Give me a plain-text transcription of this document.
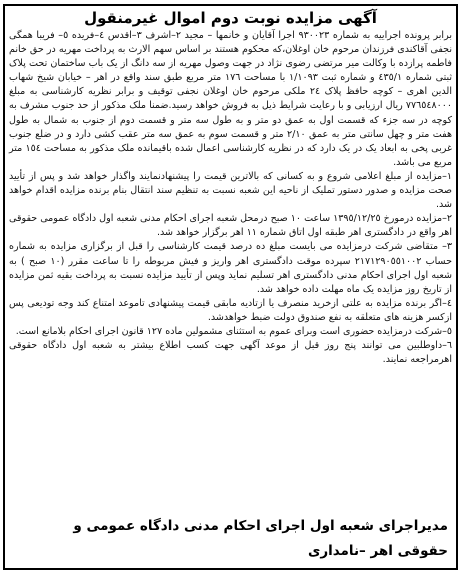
آگهی مزایده نوبت دوم اموال غیرمنقول

برابر پرونده اجراییه به شماره ۹۳۰۰۲۳ اجرا آقایان و خانمها – مجید ۲–اشرف ۳–اقدس ٤–فریده ٥– فریبا همگی نجفی آقاکندی فرزندان مرحوم خان اوغلان،که محکوم هستند بر اساس سهم الارث به پرداخت مهریه در حق خانم فاطمه پرازده با وکالت میر مرتضی رضوی نژاد در جهت وصول مهریه از سه دانگ از یک باب ساختمان تحت پلاک ثبتی شماره ٤٣٥/١ و شماره ثبت ١/١٠٩٣ با مساحت ١٧٦ متر مربع طبق سند واقع در اهر – خیابان شیخ شهاب الدین اهری – کوچه حافظ پلاک ٢٤ ملکی مرحوم خان اوغلان نجفی توقیف و برابر نظریه کارشناسی به مبلغ ٧٧٦٥٤٨٠٠٠ ریال ارزیابی و با رعایت شرایط ذیل به فروش خواهد رسید.ضمنا ملک مذکور از حد جنوب مشرف به کوچه در سه جزء که قسمت اول به عمق دو متر و به طول سه متر و قسمت دوم از جنوب به شمال به طول هفت متر و چهل سانتی متر به عمق ٢/١٠ متر و قسمت سوم به عمق سه متر عقب کشی دارد و در ضلع جنوب غربی پخی به ابعاد یک در یک دارد که در نظریه کارشناسی اعمال شده باقیمانده ملک مذکور به مساحت ١٥٤ متر مربع می باشد.

١–مزایده از مبلغ اعلامی شروع و به کسانی که بالاترین قیمت را پیشنهادنمایند واگذار خواهد شد و پس از تأیید صحت مزایده و صدور دستور تملیک از ناحیه این شعبه نسبت به تنظیم سند انتقال بنام برنده مزایده اقدام خواهد شد.

٢–مزایده درمورخ ١٣٩٥/١٢/٢٥ ساعت ١٠ صبح درمحل شعبه اجرای احکام مدنی شعبه اول دادگاه عمومی حقوقی اهر واقع در دادگستری اهر طبقه اول اتاق شماره ١١ اهر برگزار خواهد شد.

٣– متقاضی شرکت درمزایده می بایست مبلغ ده درصد قیمت کارشناسی را قبل از برگزاری مزایده به شماره حساب ٢١٧١٢٩٠٥٥١٠٠٢ سپرده موقت دادگستری اهر واریز و فیش مربوطه را تا ساعت مقرر (١٠ صبح ) به شعبه اول اجرای احکام مدنی دادگستری اهر تسلیم نماید وپس از تأیید مزایده نسبت به پرداخت بقیه ثمن مزایده از تاریخ روز مزایده یک ماه مهلت داده خواهد شد.

٤–اگر برنده مزایده به علتی ازخرید منصرف یا ازتادیه مابقی قیمت پیشنهادی تاموعد امتناع کند وجه تودیعی پس ازکسر هزینه های متعلقه به نفع صندوق دولت ضبط خواهدشد.

٥–شرکت درمزایده حضوری است وبرای عموم به استثنای مشمولین ماده ١٢٧ قانون اجرای احکام بلامانع است.

٦–داوطلبین می توانند پنج روز قبل از موعد آگهی جهت کسب اطلاع بیشتر به شعبه اول دادگاه حقوقی اهرمراجعه نمایند.

مدیراجرای شعبه اول اجرای احکام مدنی دادگاه عمومی و
حقوقی اهر –نامداری
